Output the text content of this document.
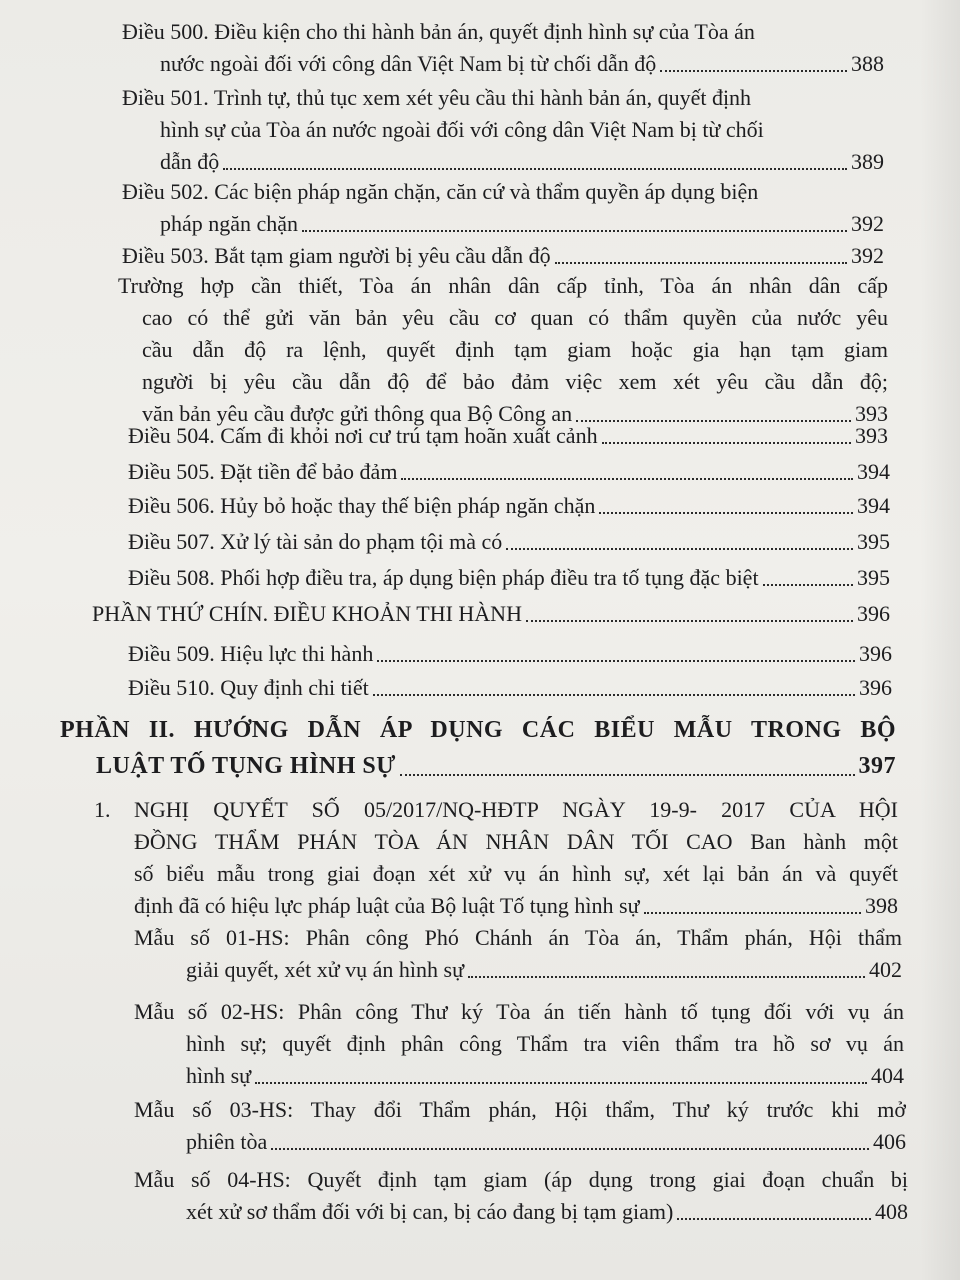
Điều 500. Điều kiện cho thi hành bản án, quyết định hình sự của Tòa án
nước ngoài đối với công dân Việt Nam bị từ chối dẫn độ	388
Điều 501. Trình tự, thủ tục xem xét yêu cầu thi hành bản án, quyết định
hình sự của Tòa án nước ngoài đối với công dân Việt Nam bị từ chối
dẫn độ	389
Điều 502. Các biện pháp ngăn chặn, căn cứ và thẩm quyền áp dụng biện
pháp ngăn chặn	392
Điều 503. Bắt tạm giam người bị yêu cầu dẫn độ	392
Trường hợp cần thiết, Tòa án nhân dân cấp tỉnh, Tòa án nhân dân cấp
cao có thể gửi văn bản yêu cầu cơ quan có thẩm quyền của nước yêu
cầu dẫn độ ra lệnh, quyết định tạm giam hoặc gia hạn tạm giam
người bị yêu cầu dẫn độ để bảo đảm việc xem xét yêu cầu dẫn độ;
văn bản yêu cầu được gửi thông qua Bộ Công an	393
Điều 504. Cấm đi khỏi nơi cư trú tạm hoãn xuất cảnh	393
Điều 505. Đặt tiền để bảo đảm	394
Điều 506. Hủy bỏ hoặc thay thế biện pháp ngăn chặn	394
Điều 507. Xử lý tài sản do phạm tội mà có	395
Điều 508. Phối hợp điều tra, áp dụng biện pháp điều tra tố tụng đặc biệt	395
PHẦN THỨ CHÍN. ĐIỀU KHOẢN THI HÀNH	396
Điều 509. Hiệu lực thi hành	396
Điều 510. Quy định chi tiết	396
PHẦN II. HƯỚNG DẪN ÁP DỤNG CÁC BIỂU MẪU TRONG BỘ
LUẬT TỐ TỤNG HÌNH SỰ	397
1. NGHỊ QUYẾT SỐ 05/2017/NQ-HĐTP NGÀY 19-9- 2017 CỦA HỘI
ĐỒNG THẨM PHÁN TÒA ÁN NHÂN DÂN TỐI CAO Ban hành một
số biểu mẫu trong giai đoạn xét xử vụ án hình sự, xét lại bản án và quyết
định đã có hiệu lực pháp luật của Bộ luật Tố tụng hình sự	398
Mẫu số 01-HS: Phân công Phó Chánh án Tòa án, Thẩm phán, Hội thẩm
giải quyết, xét xử vụ án hình sự	402
Mẫu số 02-HS: Phân công Thư ký Tòa án tiến hành tố tụng đối với vụ án
hình sự; quyết định phân công Thẩm tra viên thẩm tra hồ sơ vụ án
hình sự	404
Mẫu số 03-HS: Thay đổi Thẩm phán, Hội thẩm, Thư ký trước khi mở
phiên tòa	406
Mẫu số 04-HS: Quyết định tạm giam (áp dụng trong giai đoạn chuẩn bị
xét xử sơ thẩm đối với bị can, bị cáo đang bị tạm giam)	408
